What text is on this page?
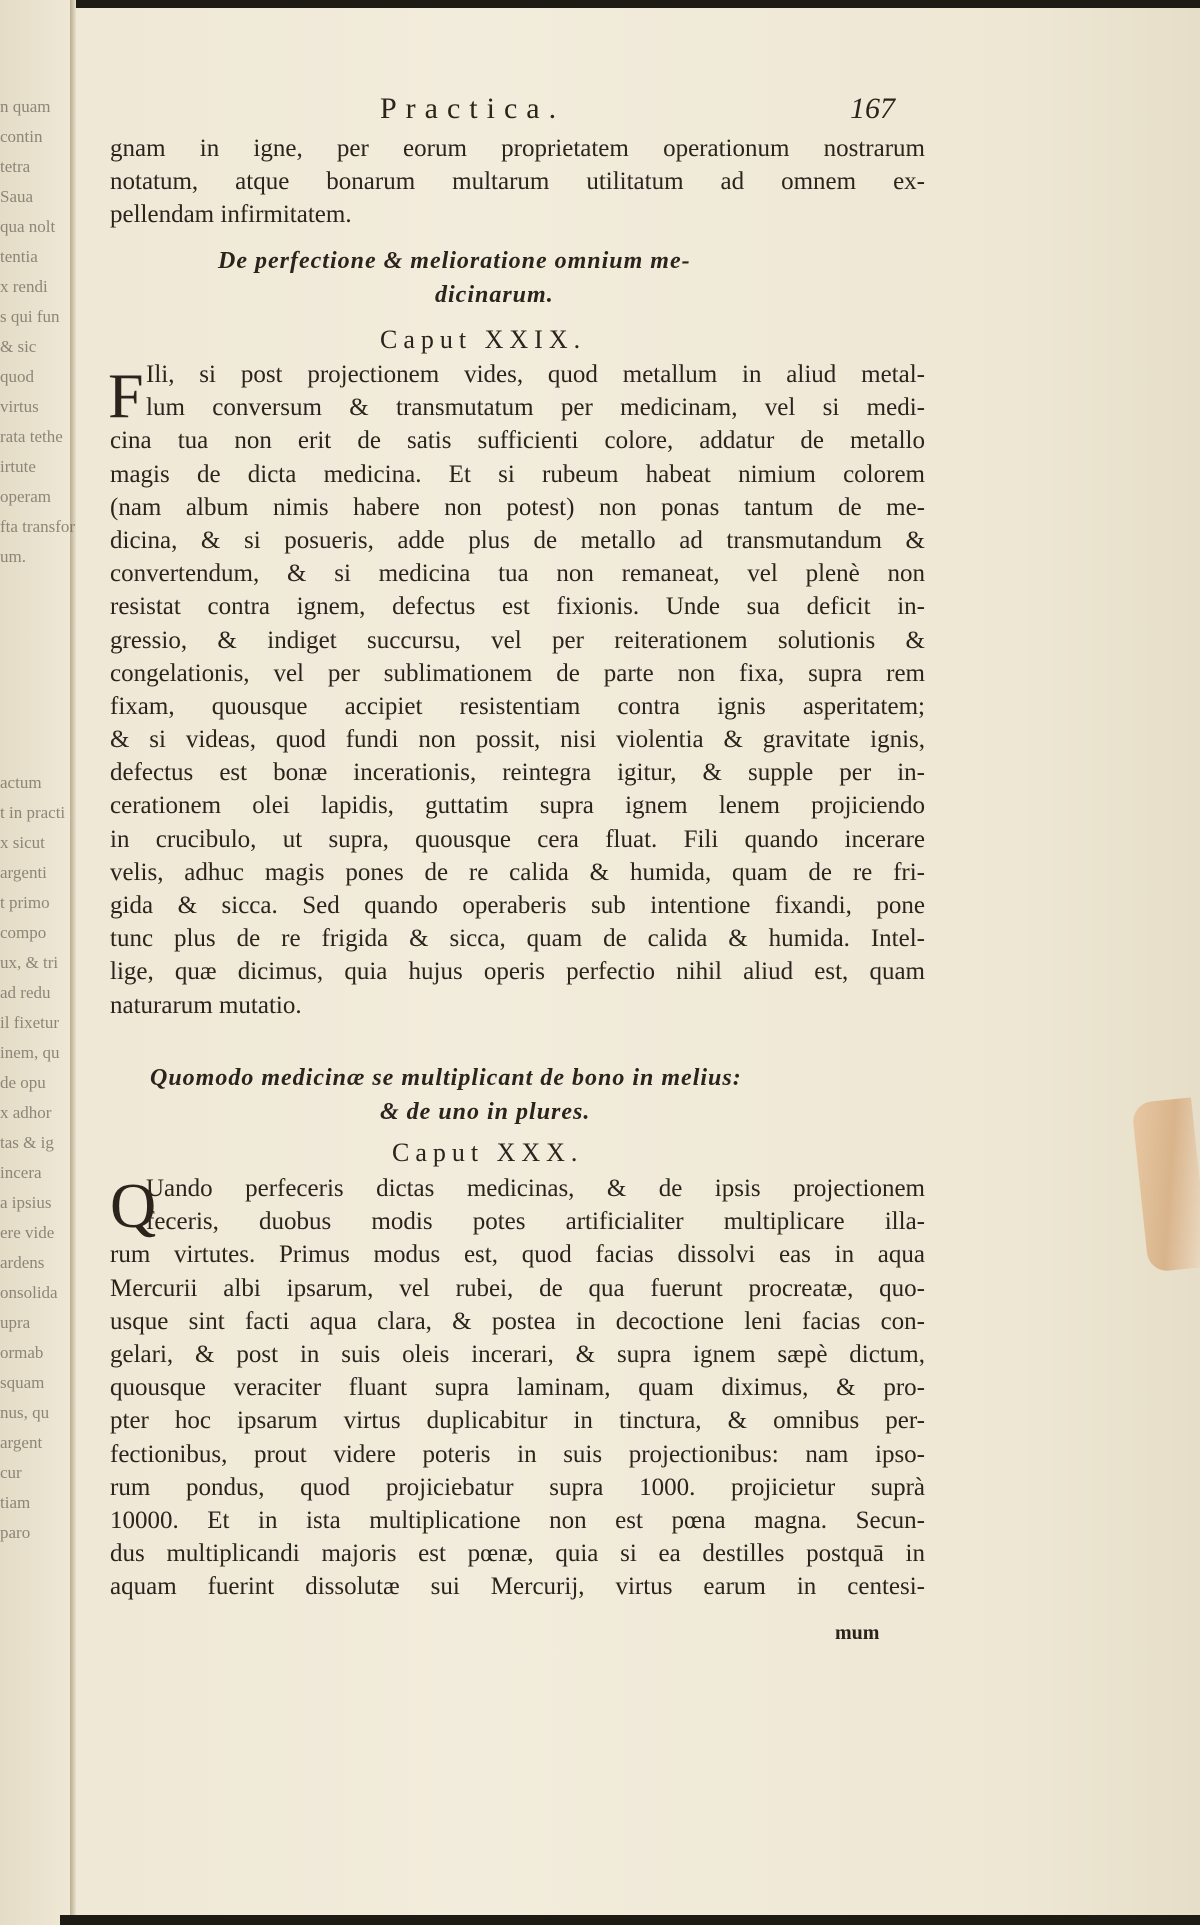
n quam
contin
tetra
Saua
qua nolt
tentia
x rendi
s qui fun
& sic
quod
virtus
rata tethe
irtute
operam
fta transfor
um.
actum
t in practi
x sicut
argenti
t primo
compo
ux, & tri
ad redu
il fixetur
inem, qu
de opu
x adhor
tas & ig
incera
a ipsius
ere vide
ardens
onsolida
upra
ormab
squam
nus, qu
argent
cur
tiam
paro
Practica.	167
gnam in igne, per eorum proprietatem operationum nostrarum
notatum, atque bonarum multarum utilitatum ad omnem ex-
pellendam infirmitatem.
De perfectione & melioratione omnium me-
dicinarum.
Caput XXIX.
F Ili, si post projectionem vides, quod metallum in aliud metal-
lum conversum & transmutatum per medicinam, vel si medi-
cina tua non erit de satis sufficienti colore, addatur de metallo
magis de dicta medicina. Et si rubeum habeat nimium colorem
(nam album nimis habere non potest) non ponas tantum de me-
dicina, & si posueris, adde plus de metallo ad transmutandum &
convertendum, & si medicina tua non remaneat, vel plenè non
resistat contra ignem, defectus est fixionis. Unde sua deficit in-
gressio, & indiget succursu, vel per reiterationem solutionis &
congelationis, vel per sublimationem de parte non fixa, supra rem
fixam, quousque accipiet resistentiam contra ignis asperitatem;
& si videas, quod fundi non possit, nisi violentia & gravitate ignis,
defectus est bonæ incerationis, reintegra igitur, & supple per in-
cerationem olei lapidis, guttatim supra ignem lenem projiciendo
in crucibulo, ut supra, quousque cera fluat. Fili quando incerare
velis, adhuc magis pones de re calida & humida, quam de re fri-
gida & sicca. Sed quando operaberis sub intentione fixandi, pone
tunc plus de re frigida & sicca, quam de calida & humida. Intel-
lige, quæ dicimus, quia hujus operis perfectio nihil aliud est, quam
naturarum mutatio.
Quomodo medicinæ se multiplicant de bono in melius:
& de uno in plures.
Caput XXX.
Q
Uando perfeceris dictas medicinas, & de ipsis projectionem
feceris, duobus modis potes artificialiter multiplicare illa-
rum virtutes. Primus modus est, quod facias dissolvi eas in aqua
Mercurii albi ipsarum, vel rubei, de qua fuerunt procreatæ, quo-
usque sint facti aqua clara, & postea in decoctione leni facias con-
gelari, & post in suis oleis incerari, & supra ignem sæpè dictum,
quousque veraciter fluant supra laminam, quam diximus, & pro-
pter hoc ipsarum virtus duplicabitur in tinctura, & omnibus per-
fectionibus, prout videre poteris in suis projectionibus: nam ipso-
rum pondus, quod projiciebatur supra 1000. projicietur suprà
10000. Et in ista multiplicatione non est pœna magna. Secun-
dus multiplicandi majoris est pœnæ, quia si ea destilles postquā in
aquam fuerint dissolutæ sui Mercurij, virtus earum in centesi-
mum
